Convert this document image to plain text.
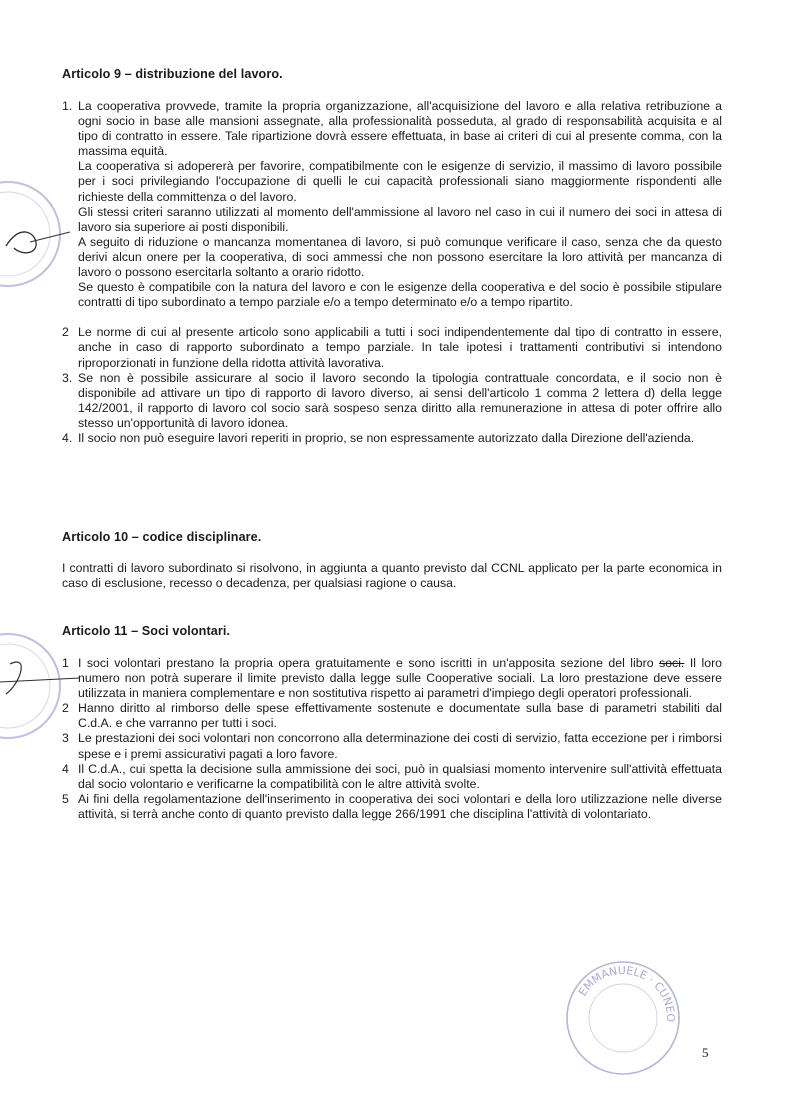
Articolo 9 – distribuzione del lavoro.
1. La cooperativa provvede, tramite la propria organizzazione, all'acquisizione del lavoro e alla relativa retribuzione a ogni socio in base alle mansioni assegnate, alla professionalità posseduta, al grado di responsabilità acquisita e al tipo di contratto in essere. Tale ripartizione dovrà essere effettuata, in base ai criteri di cui al presente comma, con la massima equità.
La cooperativa si adopererà per favorire, compatibilmente con le esigenze di servizio, il massimo di lavoro possibile per i soci privilegiando l'occupazione di quelli le cui capacità professionali siano maggiormente rispondenti alle richieste della committenza o del lavoro.
Gli stessi criteri saranno utilizzati al momento dell'ammissione al lavoro nel caso in cui il numero dei soci in attesa di lavoro sia superiore ai posti disponibili.
A seguito di riduzione o mancanza momentanea di lavoro, si può comunque verificare il caso, senza che da questo derivi alcun onere per la cooperativa, di soci ammessi che non possono esercitare la loro attività per mancanza di lavoro o possono esercitarla soltanto a orario ridotto.
Se questo è compatibile con la natura del lavoro e con le esigenze della cooperativa e del socio è possibile stipulare contratti di tipo subordinato a tempo parziale e/o a tempo determinato e/o a tempo ripartito.
2 Le norme di cui al presente articolo sono applicabili a tutti i soci indipendentemente dal tipo di contratto in essere, anche in caso di rapporto subordinato a tempo parziale. In tale ipotesi i trattamenti contributivi si intendono riproporzionati in funzione della ridotta attività lavorativa.
3. Se non è possibile assicurare al socio il lavoro secondo la tipologia contrattuale concordata, e il socio non è disponibile ad attivare un tipo di rapporto di lavoro diverso, ai sensi dell'articolo 1 comma 2 lettera d) della legge 142/2001, il rapporto di lavoro col socio sarà sospeso senza diritto alla remunerazione in attesa di poter offrire allo stesso un'opportunità di lavoro idonea.
4. Il socio non può eseguire lavori reperiti in proprio, se non espressamente autorizzato dalla Direzione dell'azienda.
Articolo 10 – codice disciplinare.

I contratti di lavoro subordinato si risolvono, in aggiunta a quanto previsto dal CCNL applicato per la parte economica in caso di esclusione, recesso o decadenza, per qualsiasi ragione o causa.

Articolo 11 – Soci volontari.
1 I soci volontari prestano la propria opera gratuitamente e sono iscritti in un'apposita sezione del libro soci. Il loro numero non potrà superare il limite previsto dalla legge sulle Cooperative sociali. La loro prestazione deve essere utilizzata in maniera complementare e non sostitutiva rispetto ai parametri d'impiego degli operatori professionali.
2 Hanno diritto al rimborso delle spese effettivamente sostenute e documentate sulla base di parametri stabiliti dal C.d.A. e che varranno per tutti i soci.
3 Le prestazioni dei soci volontari non concorrono alla determinazione dei costi di servizio, fatta eccezione per i rimborsi spese e i premi assicurativi pagati a loro favore.
4 Il C.d.A., cui spetta la decisione sulla ammissione dei soci, può in qualsiasi momento intervenire sull'attività effettuata dal socio volontario e verificarne la compatibilità con le altre attività svolte.
5 Ai fini della regolamentazione dell'inserimento in cooperativa dei soci volontari e della loro utilizzazione nelle diverse attività, si terrà anche conto di quanto previsto dalla legge 266/1991 che disciplina l'attività di volontariato.
5
EMMANUELE · CUNEO
